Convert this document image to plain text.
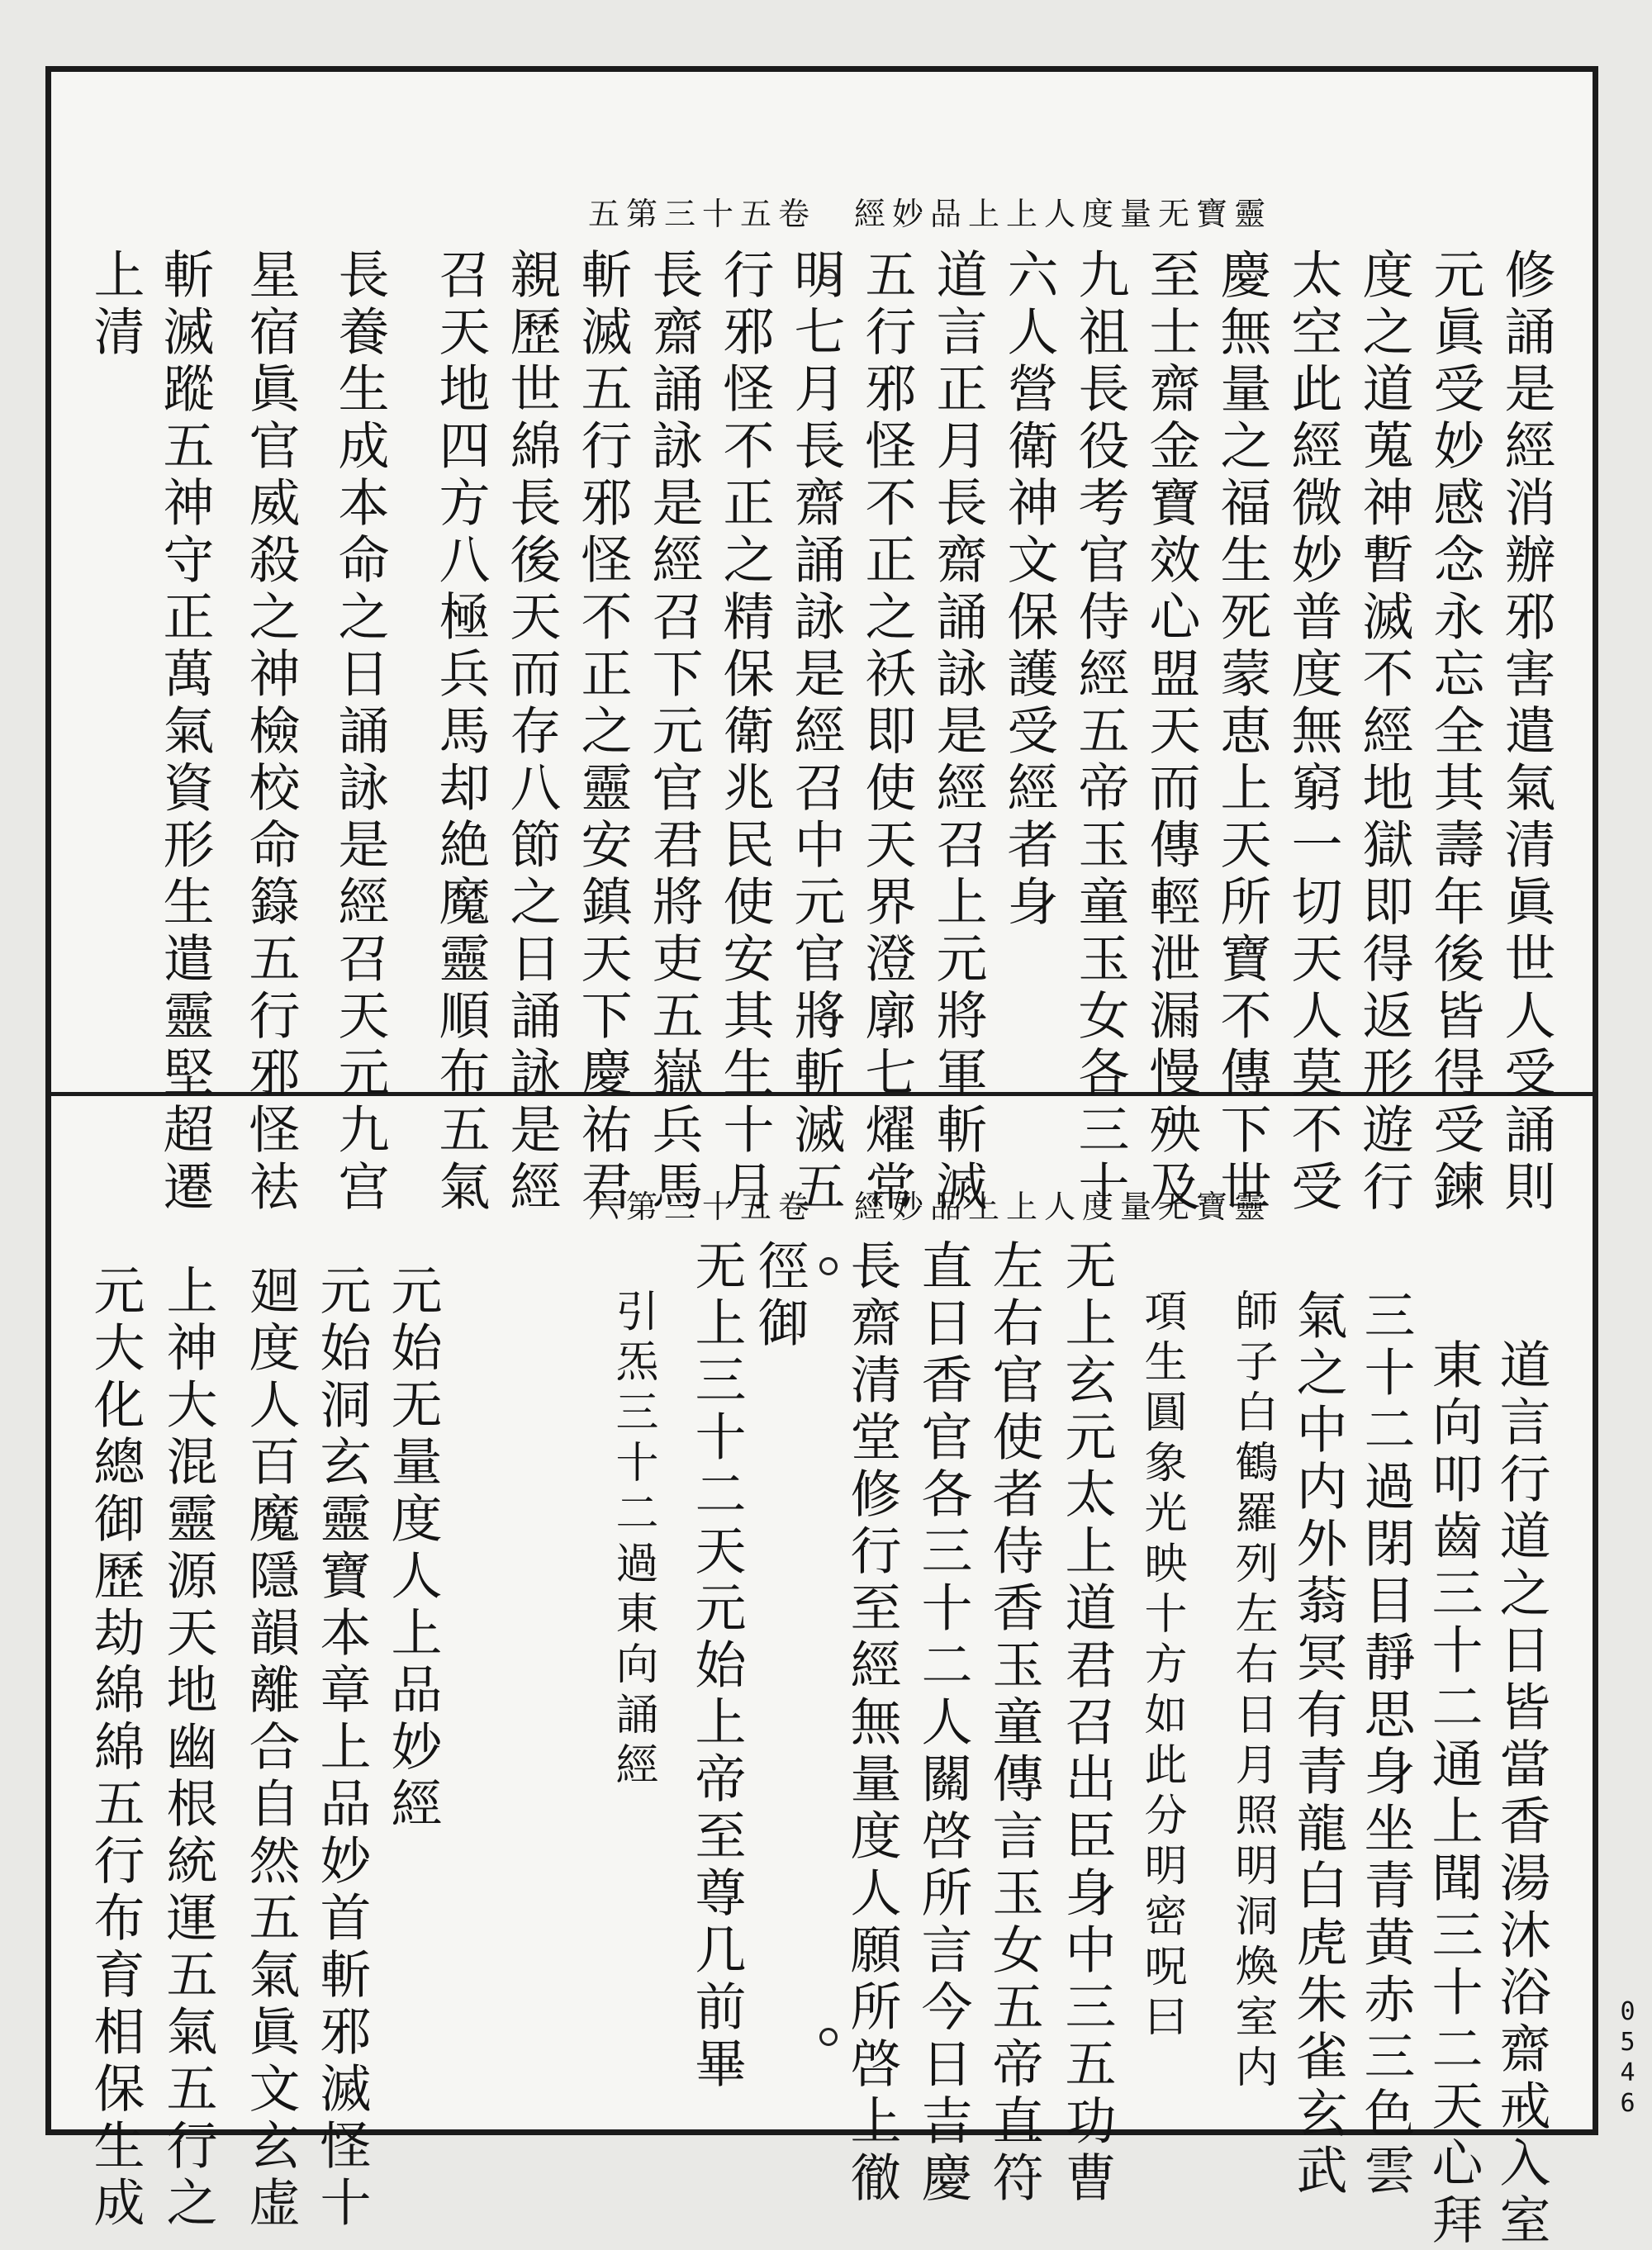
五第三十五卷　經妙品上上人度量无寶靈
修誦是經消辦邪害遣氣清眞世人受誦則
元眞受妙感念永忘全其壽年後皆得受鍊
度之道蒐神暫滅不經地獄即得返形遊行
太空此經微妙普度無窮一切天人莫不受
慶無量之福生死蒙恵上天所寶不傳下世
至士齋金寶效心盟天而傳輕泄漏慢殃及
九祖長役考官侍經五帝玉童玉女各三十
六人營衛神文保護受經者身
道言正月長齋誦詠是經召上元將軍斬滅
五行邪怪不正之袄即使天界澄廓七燿常
明七月長齋誦詠是經召中元官將斬滅五
行邪怪不正之精保衛兆民使安其生十月
長齋誦詠是經召下元官君將吏五嶽兵馬
斬滅五行邪怪不正之靈安鎮天下慶祐君
親歷世綿長後天而存八節之日誦詠是經
召天地四方八極兵馬却絶魔靈順布五氣
長養生成本命之日誦詠是經召天元九宫
星宿眞官威殺之神檢校命籙五行邪怪袪
斬滅蹤五神守正萬氣資形生遣靈堅超遷
上清
六第三十五卷　經妙品上上人度量无寶靈
道言行道之日皆當香湯沐浴齋戒入室
東向叩齒三十二通上聞三十二天心拜
三十二過閉目靜思身坐青黄赤三色雲
氣之中内外蓊冥有青龍白虎朱雀玄武
師子白鶴羅列左右日月照明洞煥室内
項生圓象光映十方如此分明密呪曰
无上玄元太上道君召出臣身中三五功曹
左右官使者侍香玉童傳言玉女五帝直符
直日香官各三十二人關啓所言今日吉慶
長齋清堂修行至經無量度人願所啓上徹
徑御
无上三十二天元始上帝至尊几前畢
引炁三十二過東向誦經
元始无量度人上品妙經
元始洞玄靈寶本章上品妙首斬邪滅怪十
廻度人百魔隱韻離合自然五氣眞文玄虚
上神大混靈源天地幽根統運五氣五行之
元大化總御歷劫綿綿五行布育相保生成	0546
